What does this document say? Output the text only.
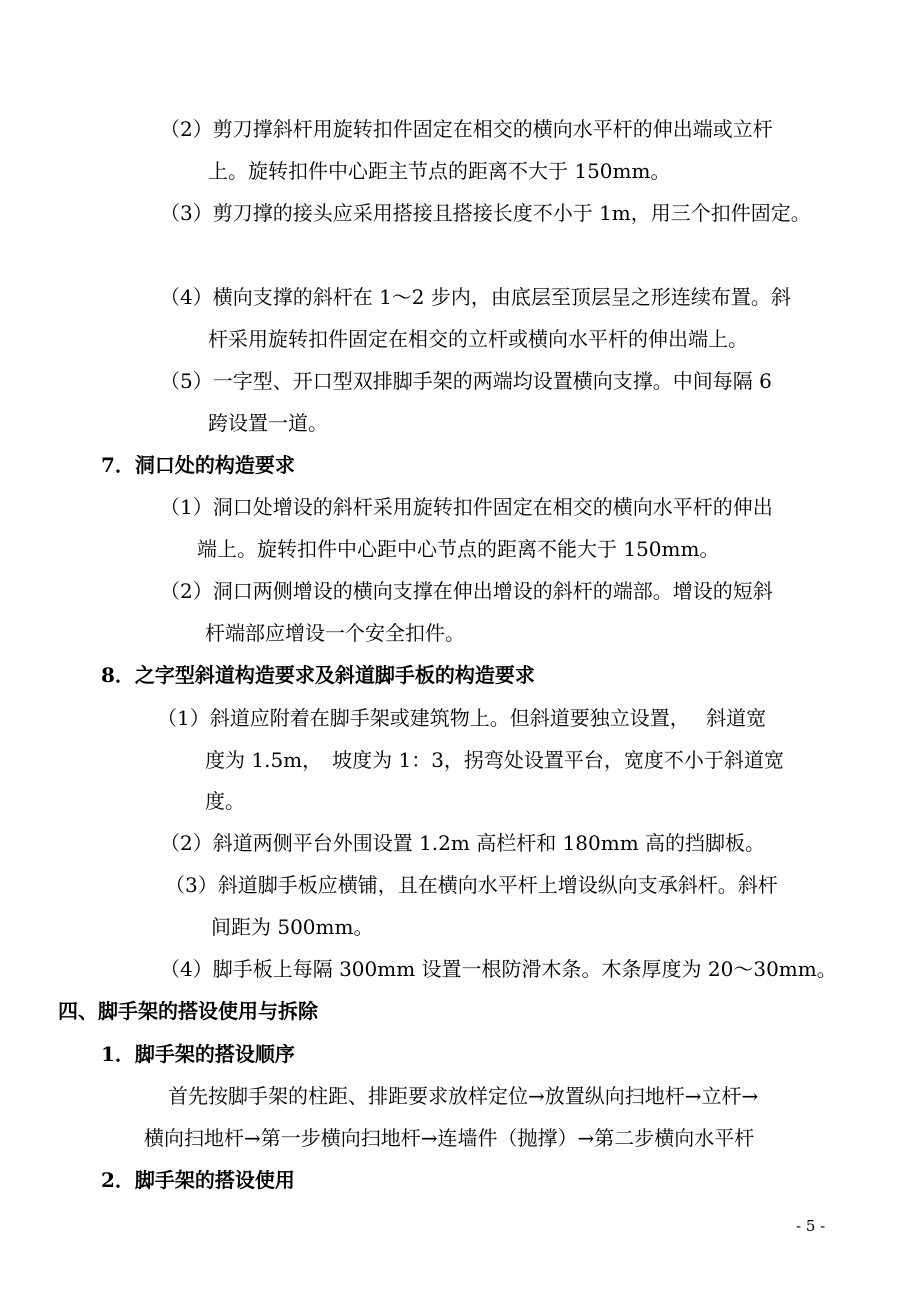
（2）剪刀撑斜杆用旋转扣件固定在相交的横向水平杆的伸出端或立杆
上。旋转扣件中心距主节点的距离不大于 150mm。
（3）剪刀撑的接头应采用搭接且搭接长度不小于 1m，用三个扣件固定。
（4）横向支撑的斜杆在 1～2 步内，由底层至顶层呈之形连续布置。斜
杆采用旋转扣件固定在相交的立杆或横向水平杆的伸出端上。
（5）一字型、开口型双排脚手架的两端均设置横向支撑。中间每隔 6
跨设置一道。
7．洞口处的构造要求
（1）洞口处增设的斜杆采用旋转扣件固定在相交的横向水平杆的伸出
端上。旋转扣件中心距中心节点的距离不能大于 150mm。
（2）洞口两侧增设的横向支撑在伸出增设的斜杆的端部。增设的短斜
杆端部应增设一个安全扣件。
8．之字型斜道构造要求及斜道脚手板的构造要求
（1）斜道应附着在脚手架或建筑物上。但斜道要独立设置，　 斜道宽
度为 1.5m，　坡度为 1：3，拐弯处设置平台，宽度不小于斜道宽
度。
（2）斜道两侧平台外围设置 1.2m 高栏杆和 180mm 高的挡脚板。
（3）斜道脚手板应横铺，且在横向水平杆上增设纵向支承斜杆。斜杆
间距为 500mm。
（4）脚手板上每隔 300mm 设置一根防滑木条。木条厚度为 20～30mm。
四、脚手架的搭设使用与拆除
1．脚手架的搭设顺序
首先按脚手架的柱距、排距要求放样定位→放置纵向扫地杆→立杆→
横向扫地杆→第一步横向扫地杆→连墙件（抛撑）→第二步横向水平杆
2．脚手架的搭设使用
- 5 -
